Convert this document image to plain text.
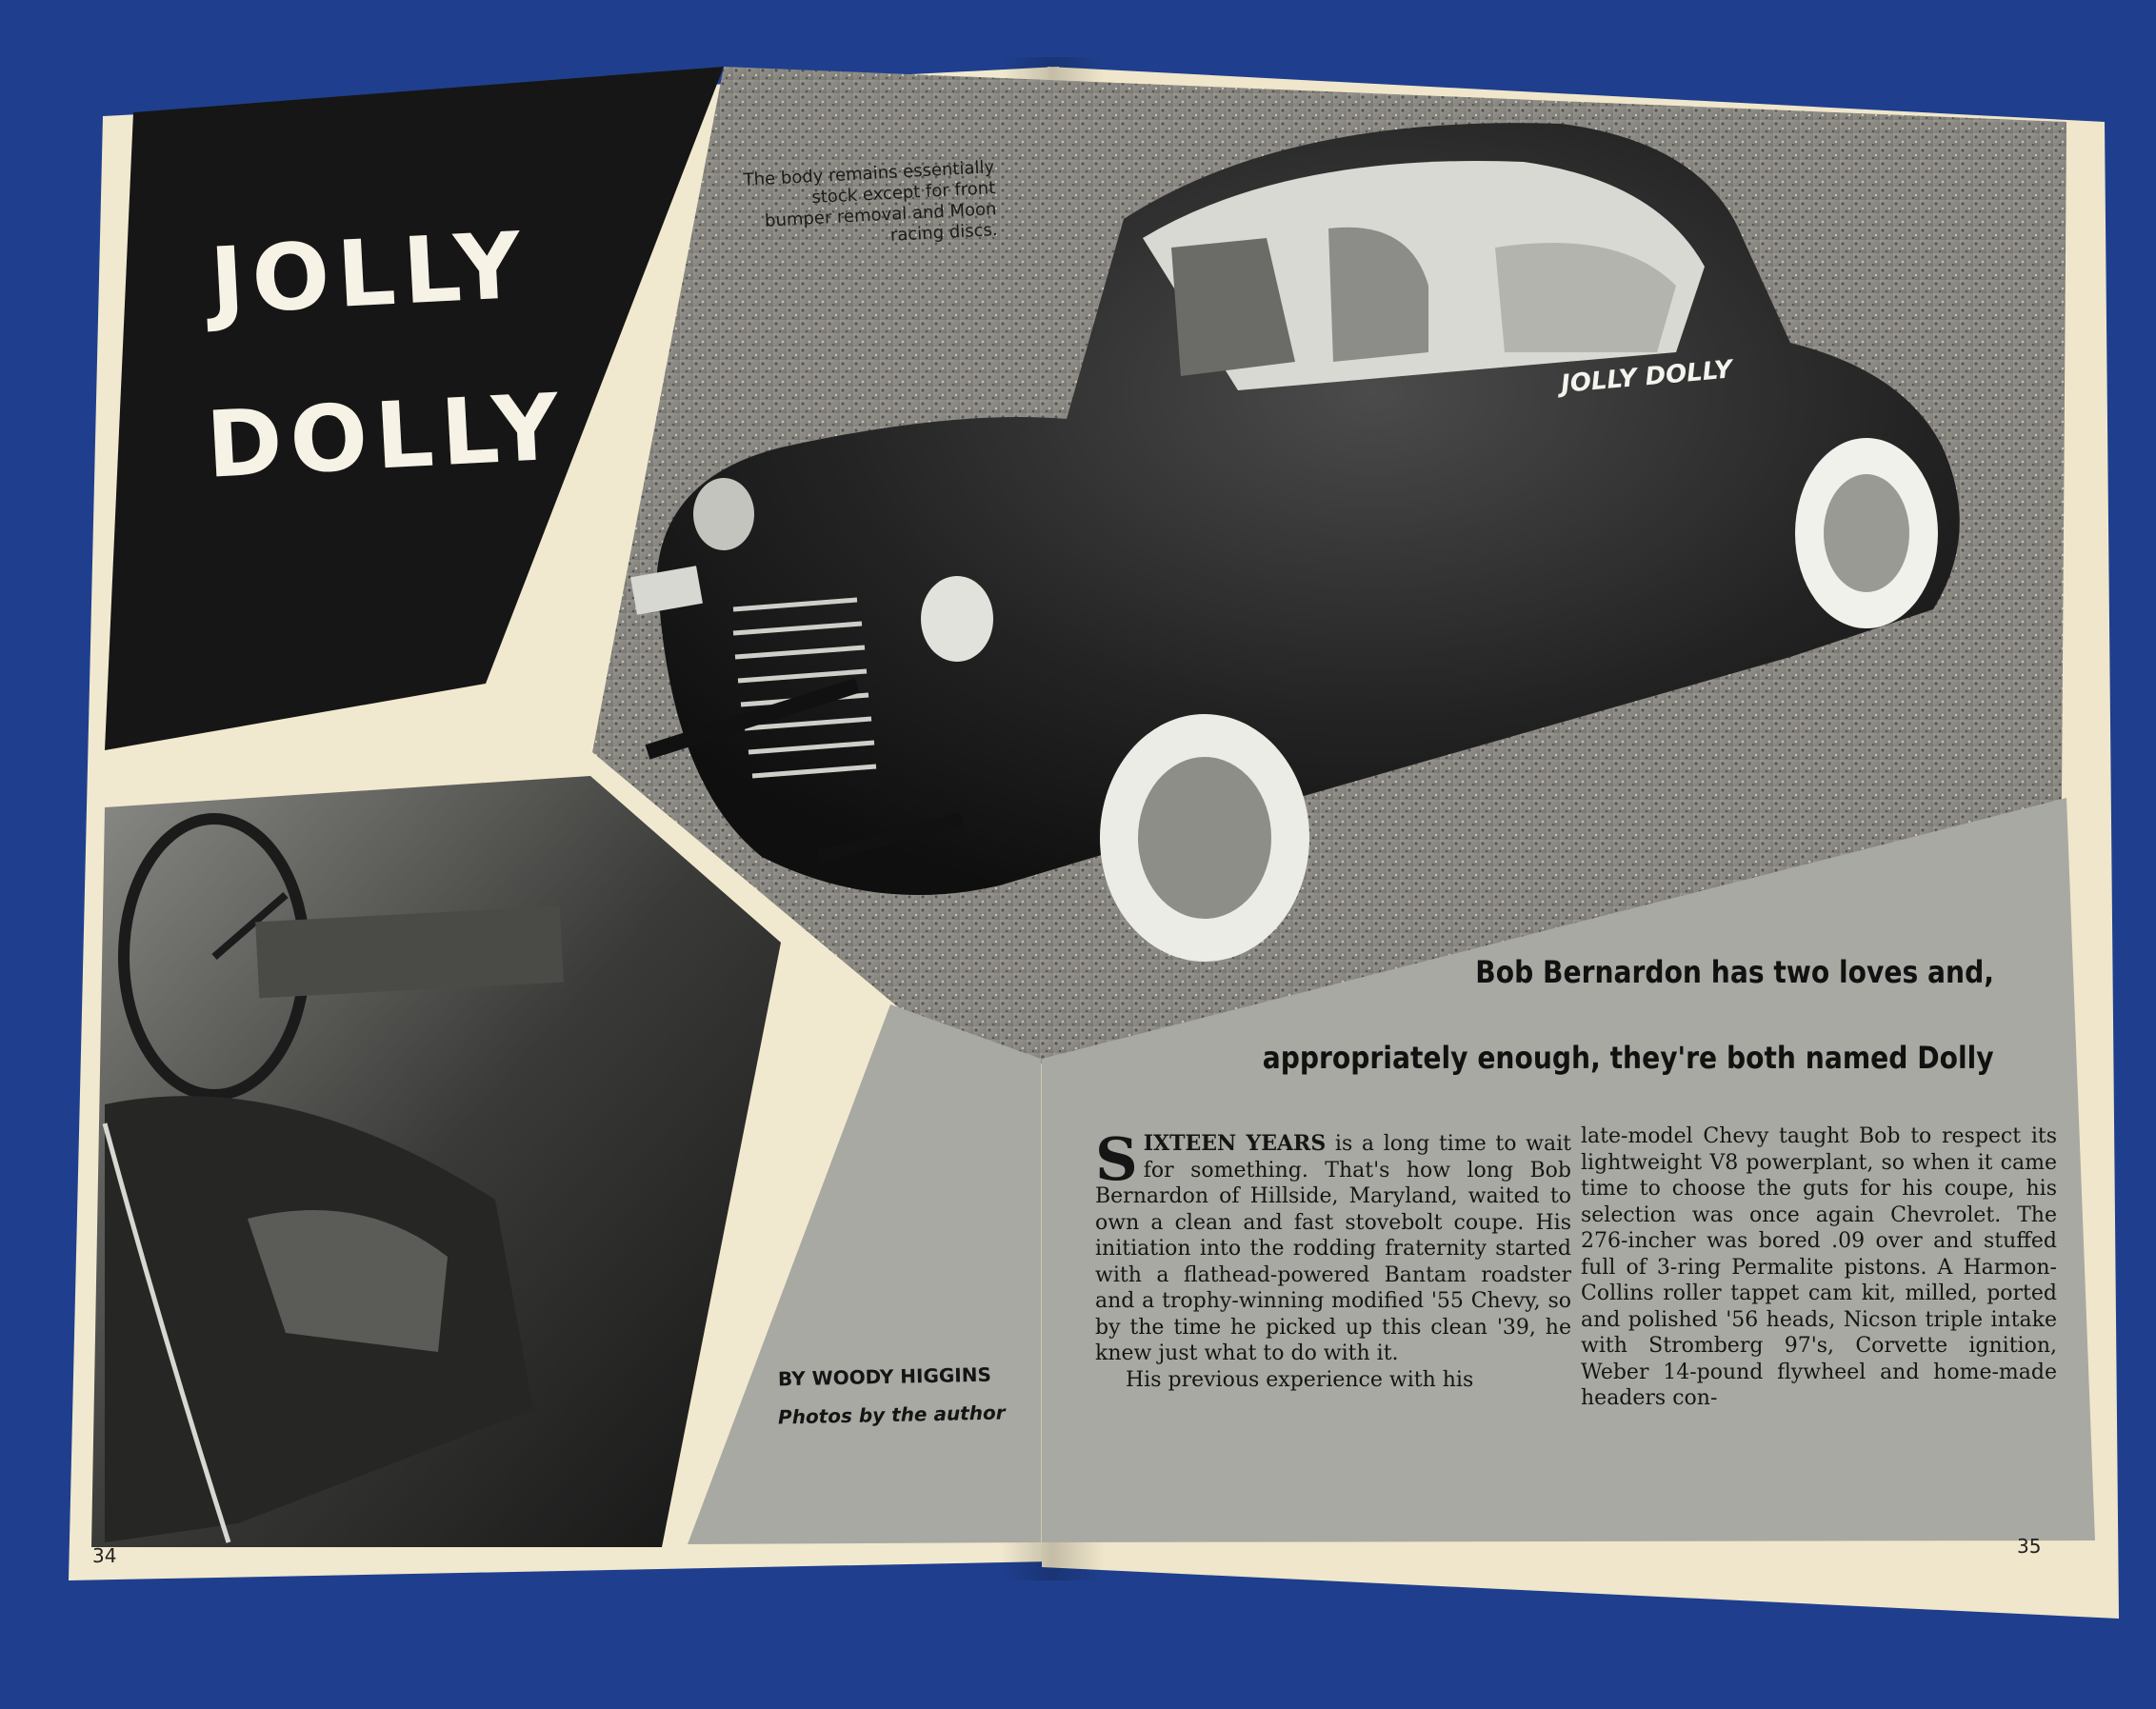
JOLLY DOLLY
JOLLY
DOLLY
The body remains essentially stock except for front bumper removal and Moon racing discs.
Bob Bernardon has two loves and,
appropriately enough, they're both named Dolly
BY WOODY HIGGINS
Photos by the author
S IXTEEN YEARS is a long time to wait for something. That's how long Bob Bernardon of Hillside, Maryland, waited to own a clean and fast stovebolt coupe. His initiation into the rodding fraternity started with a flathead-powered Bantam roadster and a trophy-winning modified '55 Chevy, so by the time he picked up this clean '39, he knew just what to do with it.

His previous experience with his

late-model Chevy taught Bob to respect its lightweight V8 powerplant, so when it came time to choose the guts for his coupe, his selection was once again Chevrolet. The 276-incher was bored .09 over and stuffed full of 3-ring Permalite pistons. A Harmon-Collins roller tappet cam kit, milled, ported and polished '56 heads, Nicson triple intake with Stromberg 97's, Corvette ignition, Weber 14-pound flywheel and home-made headers con-

34	35
